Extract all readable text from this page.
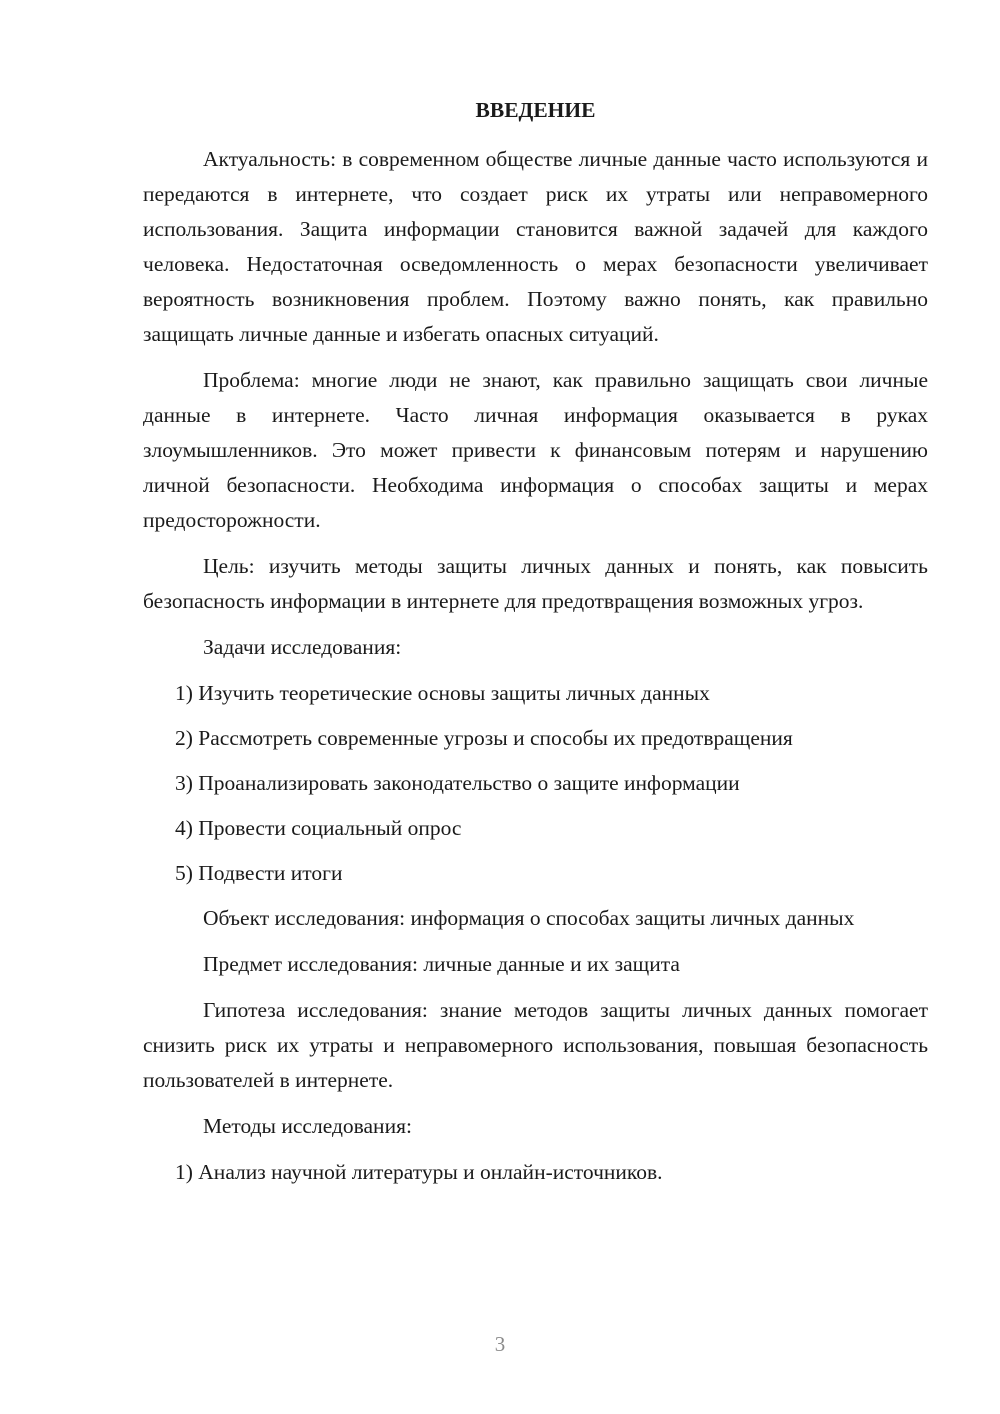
ВВЕДЕНИЕ

Актуальность: в современном обществе личные данные часто используются и передаются в интернете, что создает риск их утраты или неправомерного использования. Защита информации становится важной задачей для каждого человека. Недостаточная осведомленность о мерах безопасности увеличивает вероятность возникновения проблем. Поэтому важно понять, как правильно защищать личные данные и избегать опасных ситуаций.

Проблема: многие люди не знают, как правильно защищать свои личные данные в интернете. Часто личная информация оказывается в руках злоумышленников. Это может привести к финансовым потерям и нарушению личной безопасности. Необходима информация о способах защиты и мерах предосторожности.

Цель: изучить методы защиты личных данных и понять, как повысить безопасность информации в интернете для предотвращения возможных угроз.

Задачи исследования:

1) Изучить теоретические основы защиты личных данных
2) Рассмотреть современные угрозы и способы их предотвращения
3) Проанализировать законодательство о защите информации
4) Провести социальный опрос
5) Подвести итоги

Объект исследования: информация о способах защиты личных данных

Предмет исследования: личные данные и их защита

Гипотеза исследования: знание методов защиты личных данных помогает снизить риск их утраты и неправомерного использования, повышая безопасность пользователей в интернете.

Методы исследования:

1) Анализ научной литературы и онлайн-источников.
3
